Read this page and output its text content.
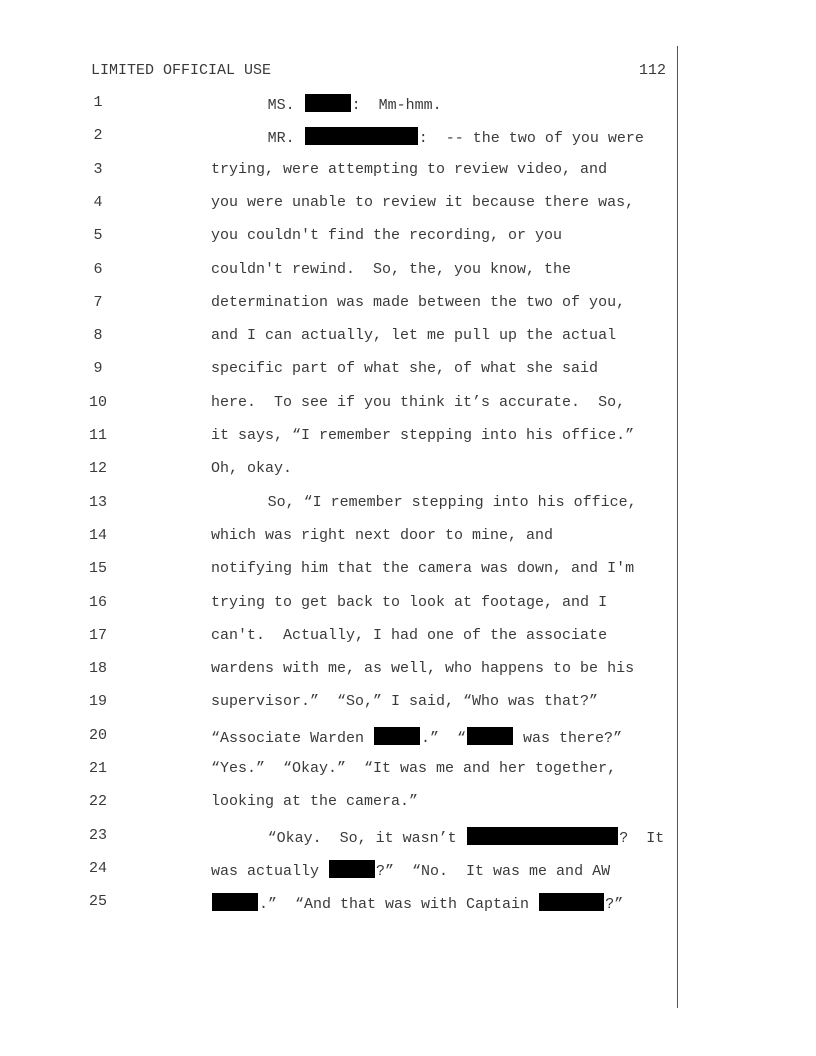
LIMITED OFFICIAL USE	112
1	MS.	:  Mm-hmm.
2	MR.	:  -- the two of you were
3	trying, were attempting to review video, and
4	you were unable to review it because there was,
5	you couldn't find the recording, or you
6	couldn't rewind.  So, the, you know, the
7	determination was made between the two of you,
8	and I can actually, let me pull up the actual
9	specific part of what she, of what she said
10	here.  To see if you think it’s accurate.  So,
11	it says, “I remember stepping into his office.”
12	Oh, okay.
13	So, “I remember stepping into his office,
14	which was right next door to mine, and
15	notifying him that the camera was down, and I'm
16	trying to get back to look at footage, and I
17	can't.  Actually, I had one of the associate
18	wardens with me, as well, who happens to be his
19	supervisor.”  “So,” I said, “Who was that?”
20	“Associate Warden	.”  “	was there?”
21	“Yes.”  “Okay.”  “It was me and her together,
22	looking at the camera.”
23	“Okay.  So, it wasn’t	?  It
24	was actually	?”  “No.  It was me and AW
25	.”  “And that was with Captain	?”
